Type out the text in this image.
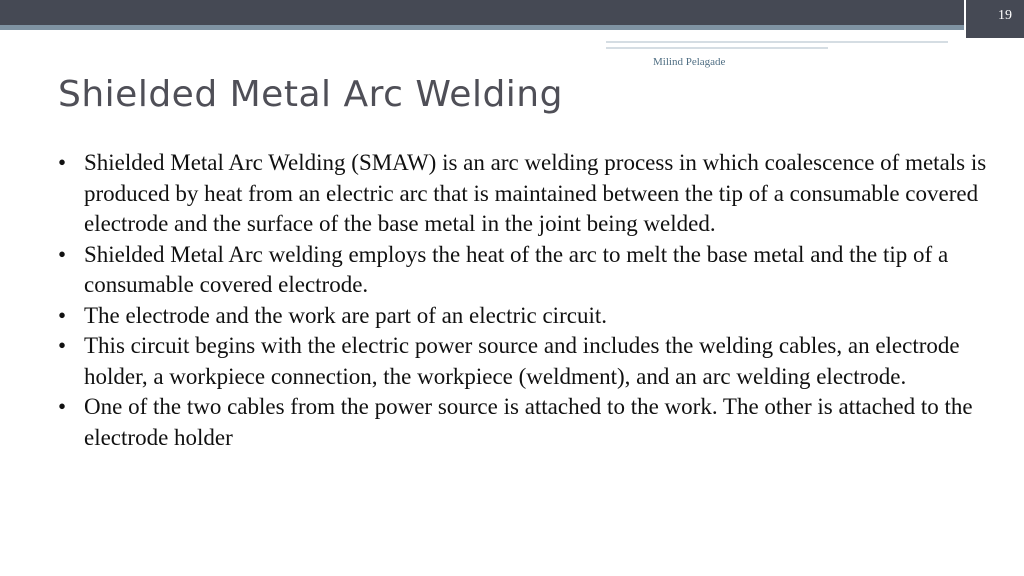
19
Milind Pelagade
Shielded Metal Arc Welding
• Shielded Metal Arc Welding (SMAW) is an arc welding process in which coalescence of metals is produced by heat from an electric arc that is maintained between the tip of a consumable covered electrode and the surface of the base metal in the joint being welded.
• Shielded Metal Arc welding employs the heat of the arc to melt the base metal and the tip of a consumable covered electrode.
• The electrode and the work are part of an electric circuit.
• This circuit begins with the electric power source and includes the welding cables, an electrode holder, a workpiece connection, the workpiece (weldment), and an arc welding electrode.
• One of the two cables from the power source is attached to the work. The other is attached to the electrode holder
